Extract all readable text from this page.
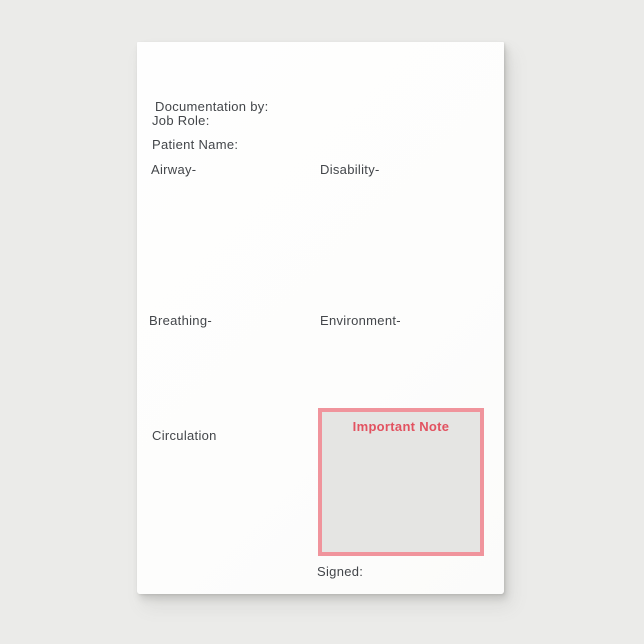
Documentation by:
Job Role:
Patient Name:
Airway-	Disability-
Breathing-	Environment-
Circulation
Important Note
Signed:
